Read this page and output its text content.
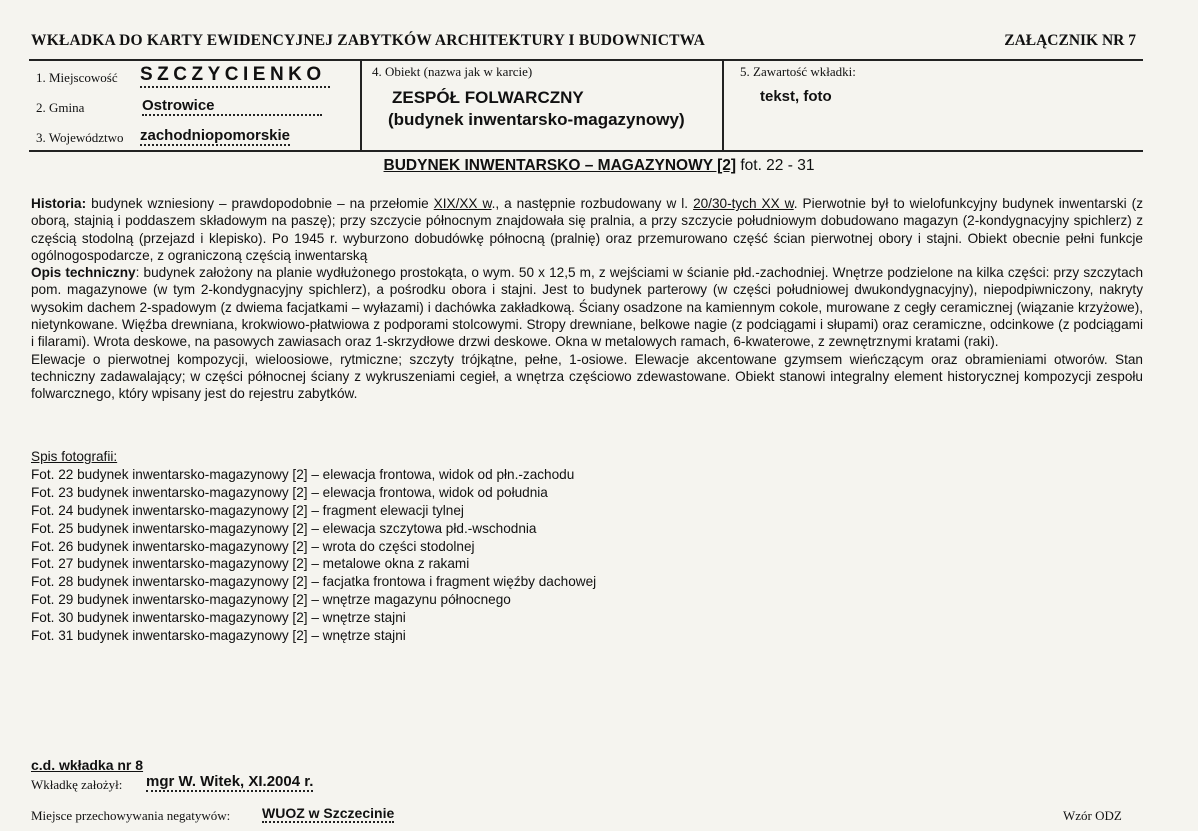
WKŁADKA DO KARTY EWIDENCYJNEJ ZABYTKÓW ARCHITEKTURY I BUDOWNICTWA	ZAŁĄCZNIK NR 7
1. Miejscowość SZCZYCIENKO
2. Gmina	Ostrowice
3. Województwo zachodniopomorskie
4. Obiekt (nazwa jak w karcie)
ZESPÓŁ FOLWARCZNY
(budynek inwentarsko-magazynowy)
5. Zawartość wkładki:
tekst, foto
BUDYNEK INWENTARSKO – MAGAZYNOWY [2] fot. 22 - 31

Historia: budynek wzniesiony – prawdopodobnie – na przełomie XIX/XX w., a następnie rozbudowany w l. 20/30-tych XX w. Pierwotnie był to wielofunkcyjny budynek inwentarski (z oborą, stajnią i poddaszem składowym na paszę); przy szczycie północnym znajdowała się pralnia, a przy szczycie południowym dobudowano magazyn (2-kondygnacyjny spichlerz) z częścią stodolną (przejazd i klepisko). Po 1945 r. wyburzono dobudówkę północną (pralnię) oraz przemurowano część ścian pierwotnej obory i stajni. Obiekt obecnie pełni funkcje ogólnogospodarcze, z ograniczoną częścią inwentarską

Opis techniczny: budynek założony na planie wydłużonego prostokąta, o wym. 50 x 12,5 m, z wejściami w ścianie płd.-zachodniej. Wnętrze podzielone na kilka części: przy szczytach pom. magazynowe (w tym 2-kondygnacyjny spichlerz), a pośrodku obora i stajni. Jest to budynek parterowy (w części południowej dwukondygnacyjny), niepodpiwniczony, nakryty wysokim dachem 2-spadowym (z dwiema facjatkami – wyłazami) i dachówka zakładkową. Ściany osadzone na kamiennym cokole, murowane z cegły ceramicznej (wiązanie krzyżowe), nietynkowane. Więźba drewniana, krokwiowo-płatwiowa z podporami stolcowymi. Stropy drewniane, belkowe nagie (z podciągami i słupami) oraz ceramiczne, odcinkowe (z podciągami i filarami). Wrota deskowe, na pasowych zawiasach oraz 1-skrzydłowe drzwi deskowe. Okna w metalowych ramach, 6-kwaterowe, z zewnętrznymi kratami (raki).

Elewacje o pierwotnej kompozycji, wieloosiowe, rytmiczne; szczyty trójkątne, pełne, 1-osiowe. Elewacje akcentowane gzymsem wieńczącym oraz obramieniami otworów. Stan techniczny zadawalający; w części północnej ściany z wykruszeniami cegieł, a wnętrza częściowo zdewastowane. Obiekt stanowi integralny element historycznej kompozycji zespołu folwarcznego, który wpisany jest do rejestru zabytków.

Spis fotografii:
Fot. 22 budynek inwentarsko-magazynowy [2] – elewacja frontowa, widok od płn.-zachodu
Fot. 23 budynek inwentarsko-magazynowy [2] – elewacja frontowa, widok od południa
Fot. 24 budynek inwentarsko-magazynowy [2] – fragment elewacji tylnej
Fot. 25 budynek inwentarsko-magazynowy [2] – elewacja szczytowa płd.-wschodnia
Fot. 26 budynek inwentarsko-magazynowy [2] – wrota do części stodolnej
Fot. 27 budynek inwentarsko-magazynowy [2] – metalowe okna z rakami
Fot. 28 budynek inwentarsko-magazynowy [2] – facjatka frontowa i fragment więźby dachowej
Fot. 29 budynek inwentarsko-magazynowy [2] – wnętrze magazynu północnego
Fot. 30 budynek inwentarsko-magazynowy [2] – wnętrze stajni
Fot. 31 budynek inwentarsko-magazynowy [2] – wnętrze stajni
c.d. wkładka nr 8
Wkładkę założył: mgr W. Witek, XI.2004 r.
Miejsce przechowywania negatywów: WUOZ w Szczecinie	Wzór ODZ
